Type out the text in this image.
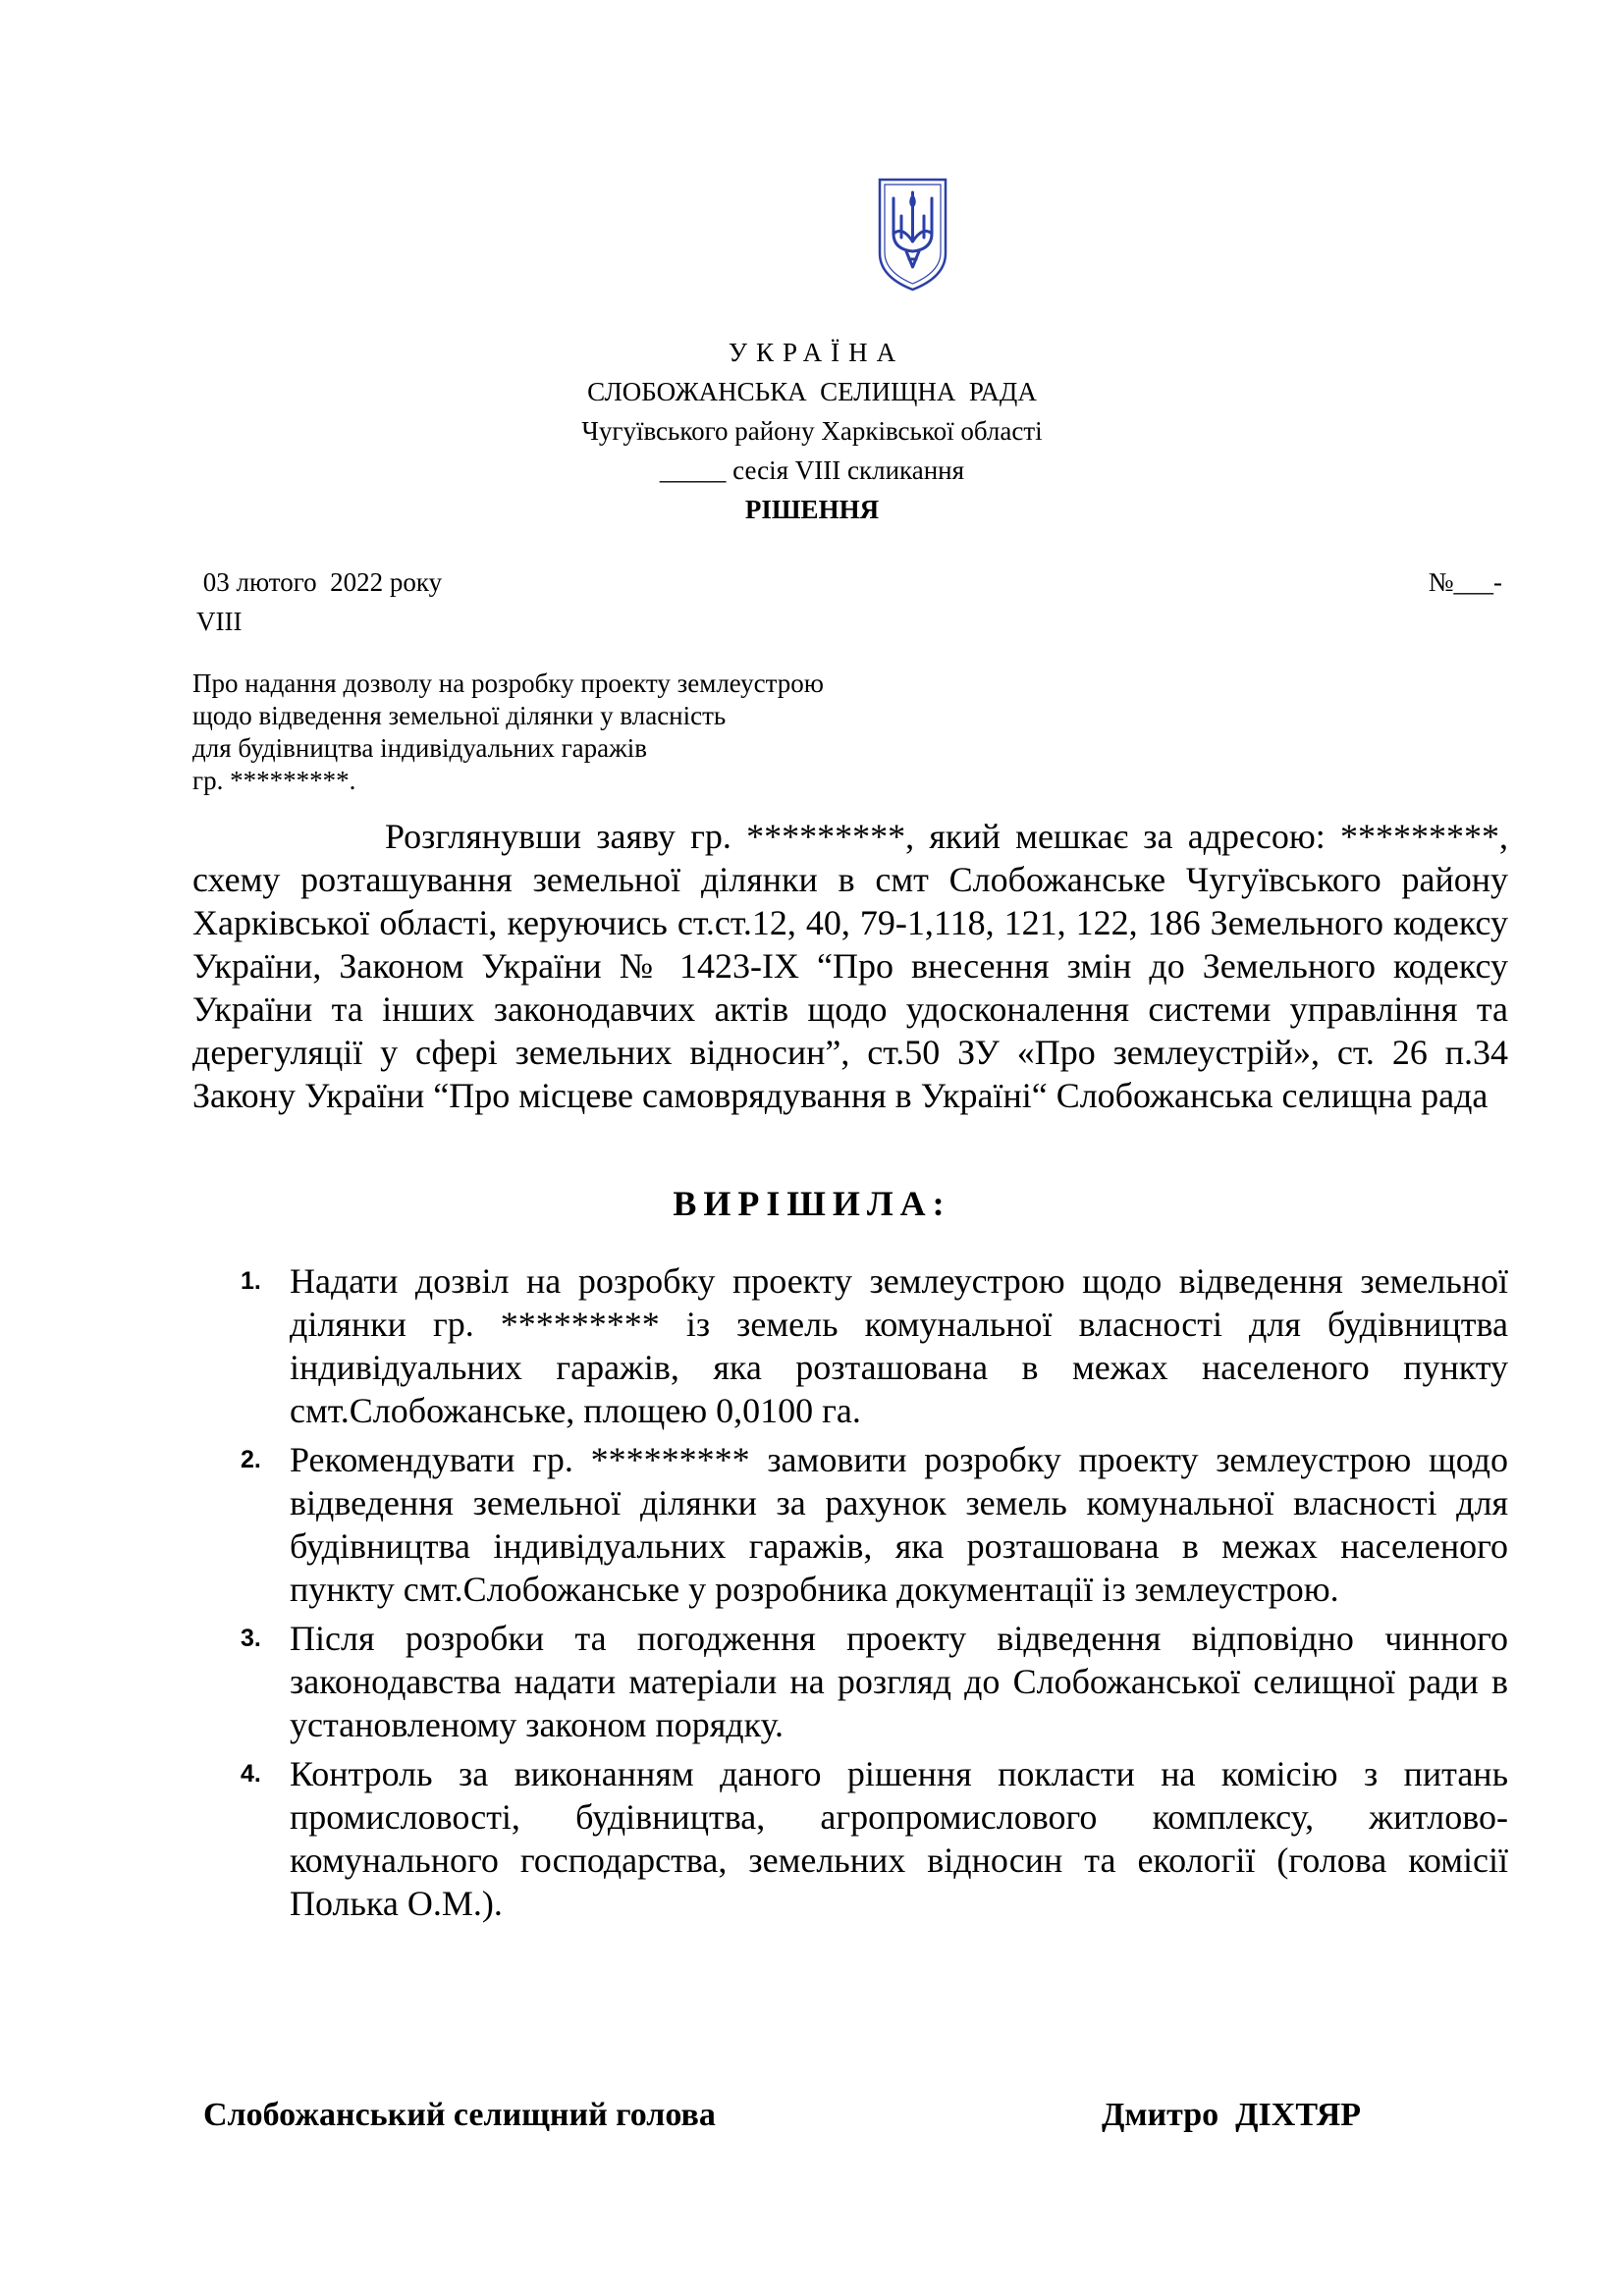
УКРАЇНА
СЛОБОЖАНСЬКА  СЕЛИЩНА  РАДА
Чугуївського району Харківської області
_____ сесія VIII скликання
РІШЕННЯ
03 лютого  2022 року	№___-
VIII
Про надання дозволу на розробку проекту землеустрою
щодо відведення земельної ділянки у власність
для будівництва індивідуальних гаражів
гр. *********.
Розглянувши заяву гр. *********, який мешкає за адресою: *********, схему розташування земельної ділянки в смт Слобожанське Чугуївського району Харківської області, керуючись ст.ст.12, 40, 79-1,118, 121, 122, 186 Земельного кодексу України, Законом України № 1423-IX “Про внесення змін до Земельного кодексу України та інших законодавчих актів щодо удосконалення системи управління та дерегуляції у сфері земельних відносин”, ст.50 ЗУ «Про землеустрій», ст. 26 п.34 Закону України “Про місцеве самоврядування в Україні“ Слобожанська селищна рада
ВИРІШИЛА:
1. Надати дозвіл на розробку проекту землеустрою щодо відведення земельної ділянки гр. ********* із земель комунальної власності для будівництва індивідуальних гаражів, яка розташована в межах населеного пункту смт.Слобожанське, площею 0,0100 га.
2. Рекомендувати гр. ********* замовити розробку проекту землеустрою щодо відведення земельної ділянки за рахунок земель комунальної власності для будівництва індивідуальних гаражів, яка розташована в межах населеного пункту смт.Слобожанське у розробника документації із землеустрою.
3. Після розробки та погодження проекту відведення відповідно чинного законодавства надати матеріали на розгляд до Слобожанської селищної ради в установленому законом порядку.
4. Контроль за виконанням даного рішення покласти на комісію з питань промисловості, будівництва, агропромислового комплексу, житлово-комунального господарства, земельних відносин та екології (голова комісії Полька О.М.).
Слобожанський селищний голова	Дмитро  ДІХТЯР
